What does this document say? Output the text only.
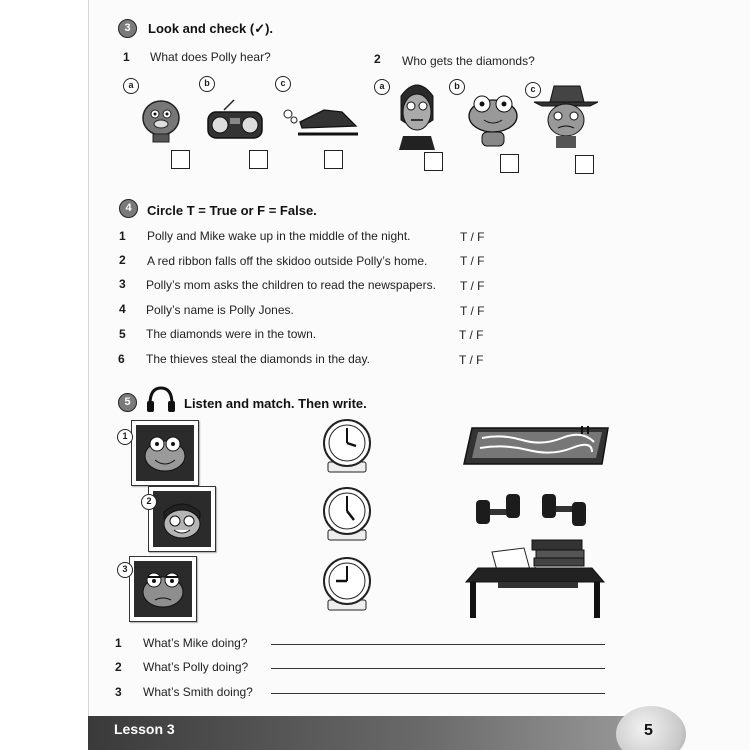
3	Look and check (✓).
1 What does Polly hear?	2 Who gets the diamonds?
a	b	c	a	b	c
4	Circle T = True or F = False.
1 Polly and Mike wake up in the middle of the night.	T / F
2 A red ribbon falls off the skidoo outside Polly’s home.	T / F
3 Polly’s mom asks the children to read the newspapers. T / F
4 Polly’s name is Polly Jones.	T / F
5 The diamonds were in the town.	T / F
6 The thieves steal the diamonds in the day.	T / F
5	Listen and match. Then write.
1
2
3
1 What’s Mike doing?
2 What’s Polly doing?
3 What’s Smith doing?
Lesson 3	5
